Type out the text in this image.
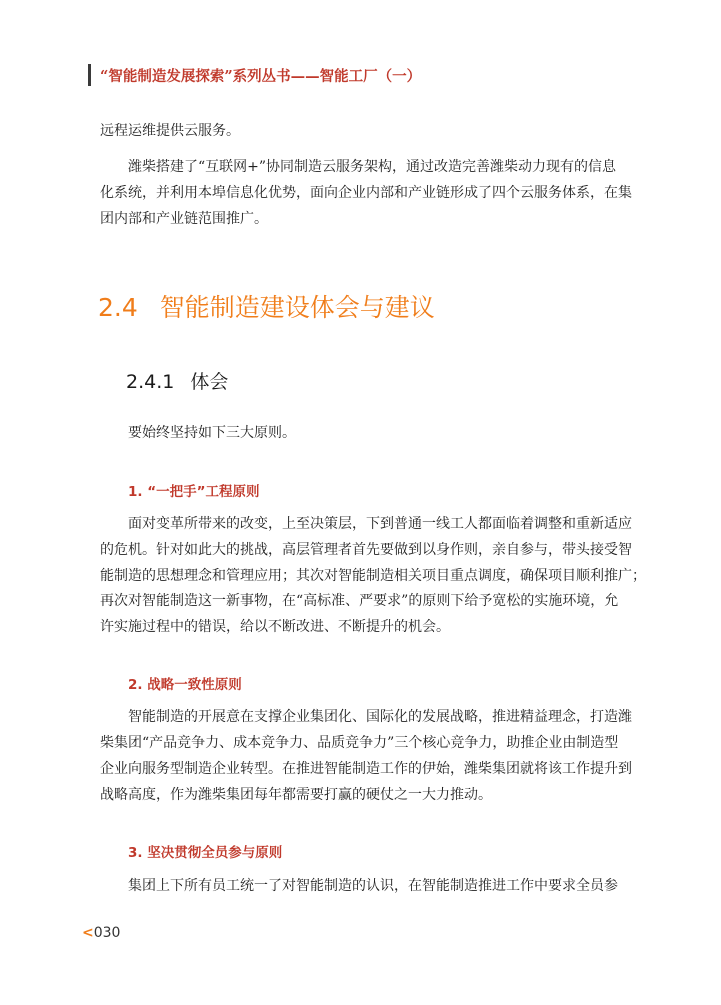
“智能制造发展探索”系列丛书——智能工厂（一）
远程运维提供云服务。
潍柴搭建了“互联网+”协同制造云服务架构，通过改造完善潍柴动力现有的信息
化系统，并利用本埠信息化优势，面向企业内部和产业链形成了四个云服务体系，在集
团内部和产业链范围推广。
2.4 智能制造建设体会与建议
2.4.1 体会
要始终坚持如下三大原则。
1. “一把手”工程原则
面对变革所带来的改变，上至决策层，下到普通一线工人都面临着调整和重新适应
的危机。针对如此大的挑战，高层管理者首先要做到以身作则，亲自参与，带头接受智
能制造的思想理念和管理应用；其次对智能制造相关项目重点调度，确保项目顺利推广；
再次对智能制造这一新事物，在“高标准、严要求”的原则下给予宽松的实施环境，允
许实施过程中的错误，给以不断改进、不断提升的机会。
2. 战略一致性原则
智能制造的开展意在支撑企业集团化、国际化的发展战略，推进精益理念，打造潍
柴集团“产品竞争力、成本竞争力、品质竞争力”三个核心竞争力，助推企业由制造型
企业向服务型制造企业转型。在推进智能制造工作的伊始，潍柴集团就将该工作提升到
战略高度，作为潍柴集团每年都需要打赢的硬仗之一大力推动。
3. 坚决贯彻全员参与原则
集团上下所有员工统一了对智能制造的认识，在智能制造推进工作中要求全员参
<030
